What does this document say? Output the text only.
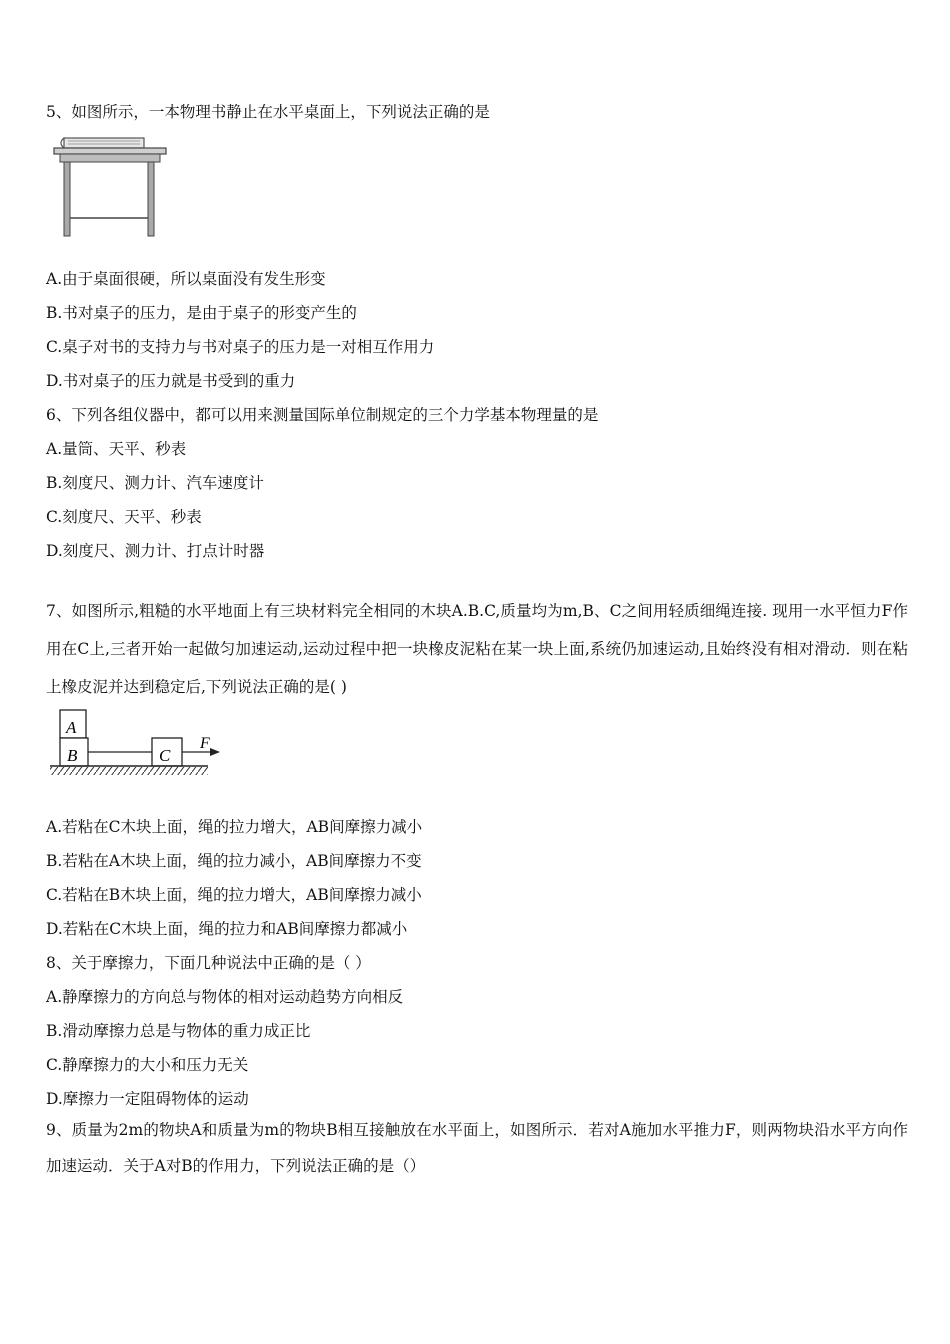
5、如图所示，一本物理书静止在水平桌面上，下列说法正确的是
A.由于桌面很硬，所以桌面没有发生形变
B.书对桌子的压力，是由于桌子的形变产生的
C.桌子对书的支持力与书对桌子的压力是一对相互作用力
D.书对桌子的压力就是书受到的重力
6、下列各组仪器中，都可以用来测量国际单位制规定的三个力学基本物理量的是
A.量筒、天平、秒表
B.刻度尺、测力计、汽车速度计
C.刻度尺、天平、秒表
D.刻度尺、测力计、打点计时器
7、如图所示,粗糙的水平地面上有三块材料完全相同的木块A.B.C,质量均为m,B、C之间用轻质细绳连接. 现用一水平恒力F作用在C上,三者开始一起做匀加速运动,运动过程中把一块橡皮泥粘在某一块上面,系统仍加速运动,且始终没有相对滑动．则在粘上橡皮泥并达到稳定后,下列说法正确的是( )
A
B	C
F
A.若粘在C木块上面，绳的拉力增大，AB间摩擦力减小
B.若粘在A木块上面，绳的拉力减小，AB间摩擦力不变
C.若粘在B木块上面，绳的拉力增大，AB间摩擦力减小
D.若粘在C木块上面，绳的拉力和AB间摩擦力都减小
8、关于摩擦力，下面几种说法中正确的是（ ）
A.静摩擦力的方向总与物体的相对运动趋势方向相反
B.滑动摩擦力总是与物体的重力成正比
C.静摩擦力的大小和压力无关
D.摩擦力一定阻碍物体的运动
9、质量为2m的物块A和质量为m的物块B相互接触放在水平面上，如图所示．若对A施加水平推力F，则两物块沿水平方向作加速运动．关于A对B的作用力，下列说法正确的是（）
